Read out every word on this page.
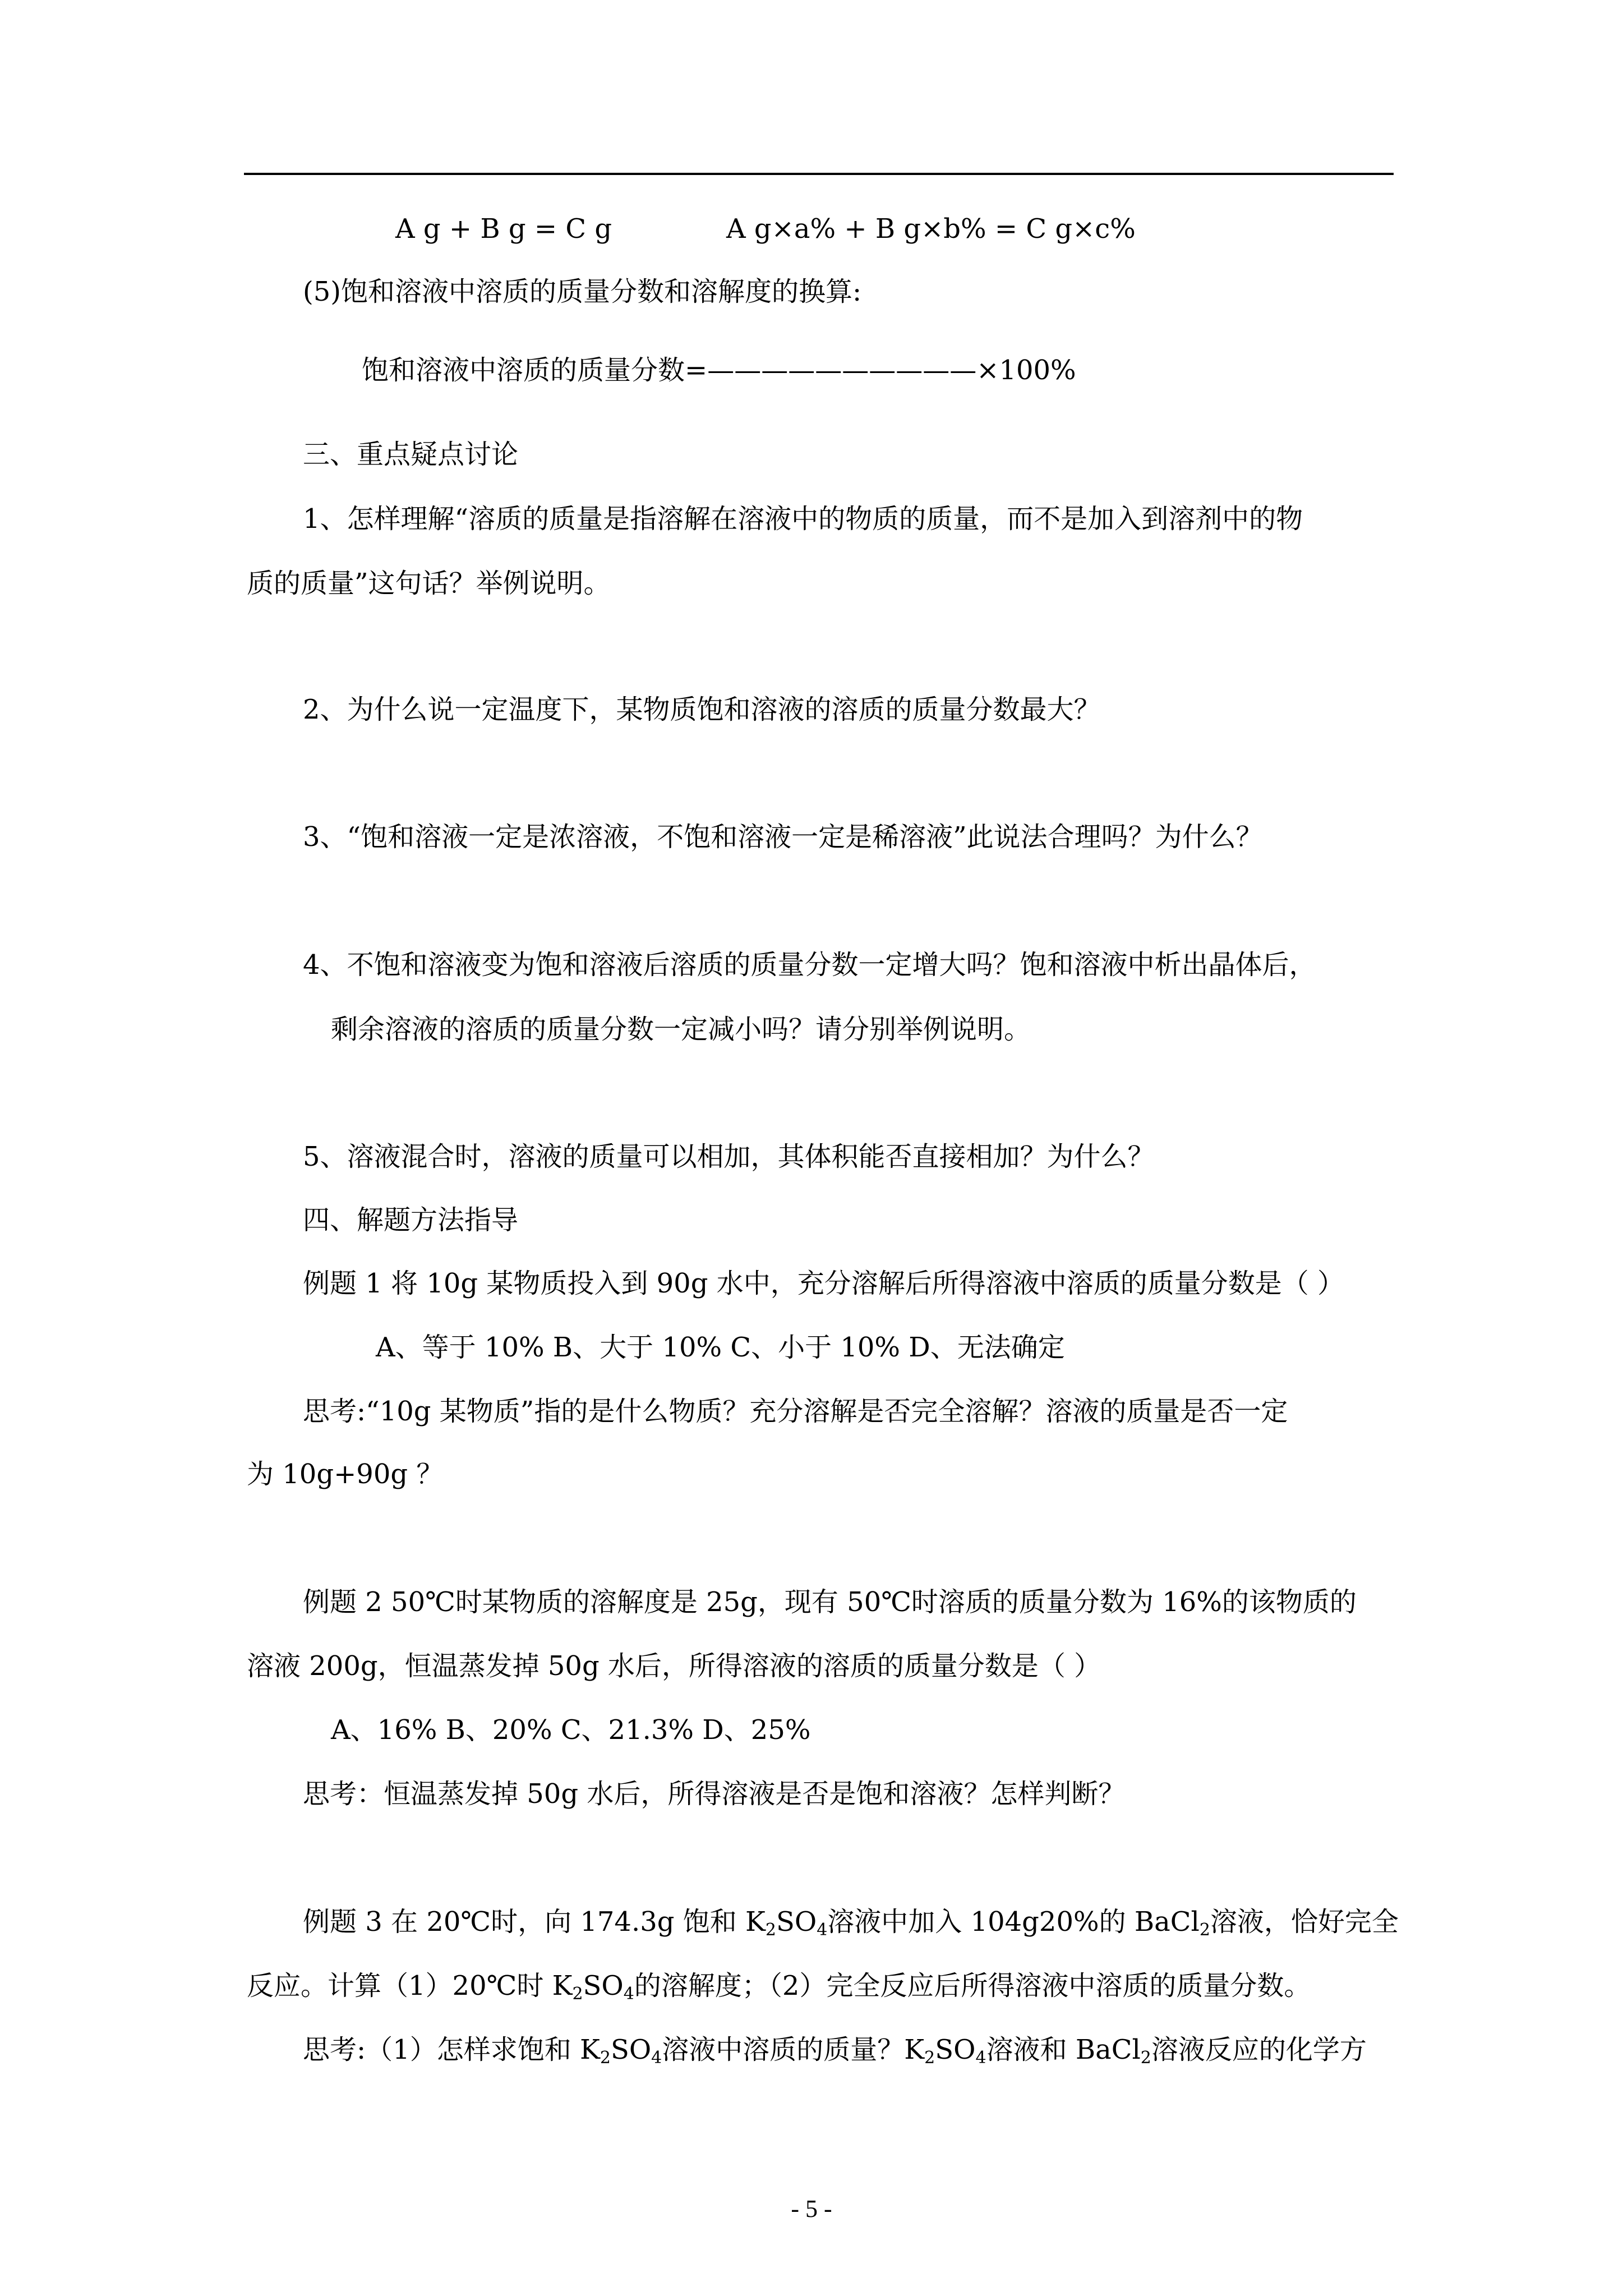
A g + B g = C g	A g×a% + B g×b% = C g×c%
(5)饱和溶液中溶质的质量分数和溶解度的换算:
饱和溶液中溶质的质量分数=——————————×100%
三、重点疑点讨论
1、怎样理解“溶质的质量是指溶解在溶液中的物质的质量，而不是加入到溶剂中的物
质的质量”这句话？举例说明。
2、为什么说一定温度下，某物质饱和溶液的溶质的质量分数最大？
3、“饱和溶液一定是浓溶液，不饱和溶液一定是稀溶液”此说法合理吗？为什么？
4、不饱和溶液变为饱和溶液后溶质的质量分数一定增大吗？饱和溶液中析出晶体后，
剩余溶液的溶质的质量分数一定减小吗？请分别举例说明。
5、溶液混合时，溶液的质量可以相加，其体积能否直接相加？为什么？
四、解题方法指导
例题 1 将 10g 某物质投入到 90g 水中，充分溶解后所得溶液中溶质的质量分数是（ ）
A、等于 10% B、大于 10% C、小于 10% D、无法确定
思考:“10g 某物质”指的是什么物质？充分溶解是否完全溶解？溶液的质量是否一定
为 10g+90g ？
例题 2 50℃时某物质的溶解度是 25g，现有 50℃时溶质的质量分数为 16%的该物质的
溶液 200g，恒温蒸发掉 50g 水后，所得溶液的溶质的质量分数是（ ）
A、16% B、20% C、21.3% D、25%
思考：恒温蒸发掉 50g 水后，所得溶液是否是饱和溶液？怎样判断？
例题 3 在 20℃时，向 174.3g 饱和 $K_2SO_4$溶液中加入 104g20%的 BaCl$_2$溶液，恰好完全
反应。计算（1）20℃时 $K_2SO_4$的溶解度；（2）完全反应后所得溶液中溶质的质量分数。
思考:（1）怎样求饱和 $K_2SO_4$溶液中溶质的质量？$K_2SO_4$溶液和 BaCl$_2$溶液反应的化学方
- 5 -
